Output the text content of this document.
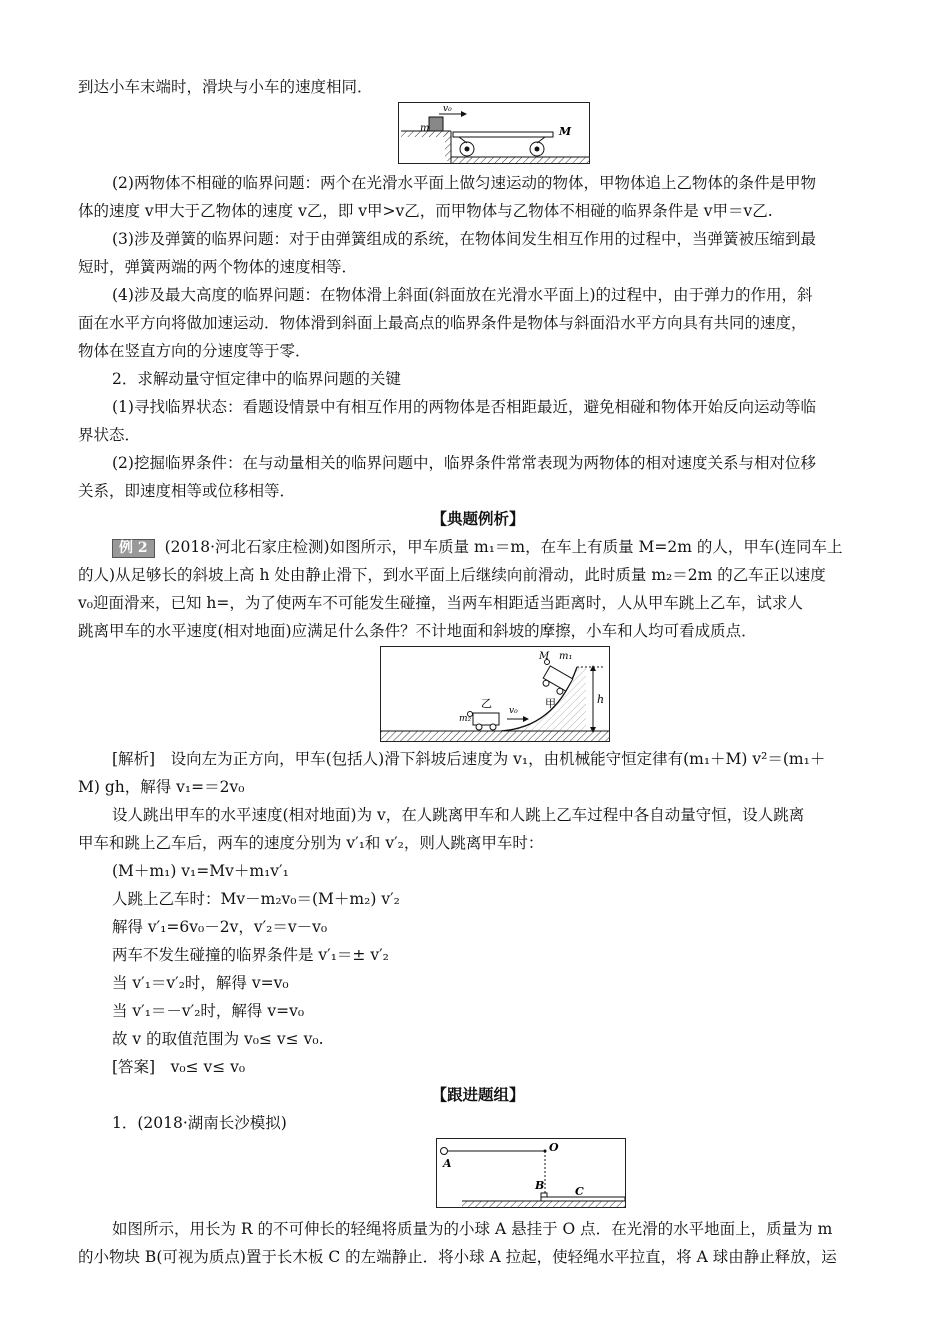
到达小车末端时，滑块与小车的速度相同．
v₀
m	M
(2)两物体不相碰的临界问题：两个在光滑水平面上做匀速运动的物体，甲物体追上乙物体的条件是甲物
体的速度 v甲大于乙物体的速度 v乙，即 v甲>v乙，而甲物体与乙物体不相碰的临界条件是 v甲＝v乙.
(3)涉及弹簧的临界问题：对于由弹簧组成的系统，在物体间发生相互作用的过程中，当弹簧被压缩到最
短时，弹簧两端的两个物体的速度相等．
(4)涉及最大高度的临界问题：在物体滑上斜面(斜面放在光滑水平面上)的过程中，由于弹力的作用，斜
面在水平方向将做加速运动．物体滑到斜面上最高点的临界条件是物体与斜面沿水平方向具有共同的速度，
物体在竖直方向的分速度等于零．
2．求解动量守恒定律中的临界问题的关键
(1)寻找临界状态：看题设情景中有相互作用的两物体是否相距最近，避免相碰和物体开始反向运动等临
界状态．
(2)挖掘临界条件：在与动量相关的临界问题中，临界条件常常表现为两物体的相对速度关系与相对位移
关系，即速度相等或位移相等．
【典题例析】
例 2 (2018·河北石家庄检测)如图所示，甲车质量 m₁＝m，在车上有质量 M=2m 的人，甲车(连同车上
的人)从足够长的斜坡上高 h 处由静止滑下，到水平面上后继续向前滑动，此时质量 m₂＝2m 的乙车正以速度
v₀迎面滑来，已知 h=，为了使两车不可能发生碰撞，当两车相距适当距离时，人从甲车跳上乙车，试求人
跳离甲车的水平速度(相对地面)应满足什么条件？不计地面和斜坡的摩擦，小车和人均可看成质点．
h
M m₁
甲
乙
m₂
v₀
[解析]　设向左为正方向，甲车(包括人)滑下斜坡后速度为 v₁，由机械能守恒定律有(m₁＋M) v²＝(m₁＋
M) gh，解得 v₁=＝2v₀
设人跳出甲车的水平速度(相对地面)为 v，在人跳离甲车和人跳上乙车过程中各自动量守恒，设人跳离
甲车和跳上乙车后，两车的速度分别为 v′₁和 v′₂，则人跳离甲车时：
(M＋m₁) v₁=Mv＋m₁v′₁
人跳上乙车时：Mv－m₂v₀＝(M＋m₂) v′₂
解得 v′₁=6v₀－2v，v′₂＝v－v₀
两车不发生碰撞的临界条件是 v′₁＝± v′₂
当 v′₁＝v′₂时，解得 v=v₀
当 v′₁＝－v′₂时，解得 v=v₀
故 v 的取值范围为 v₀≤ v≤ v₀.
[答案]　v₀≤ v≤ v₀
【跟进题组】
1．(2018·湖南长沙模拟)
O
A
B	C
如图所示，用长为 R 的不可伸长的轻绳将质量为的小球 A 悬挂于 O 点．在光滑的水平地面上，质量为 m
的小物块 B(可视为质点)置于长木板 C 的左端静止．将小球 A 拉起，使轻绳水平拉直，将 A 球由静止释放，运
